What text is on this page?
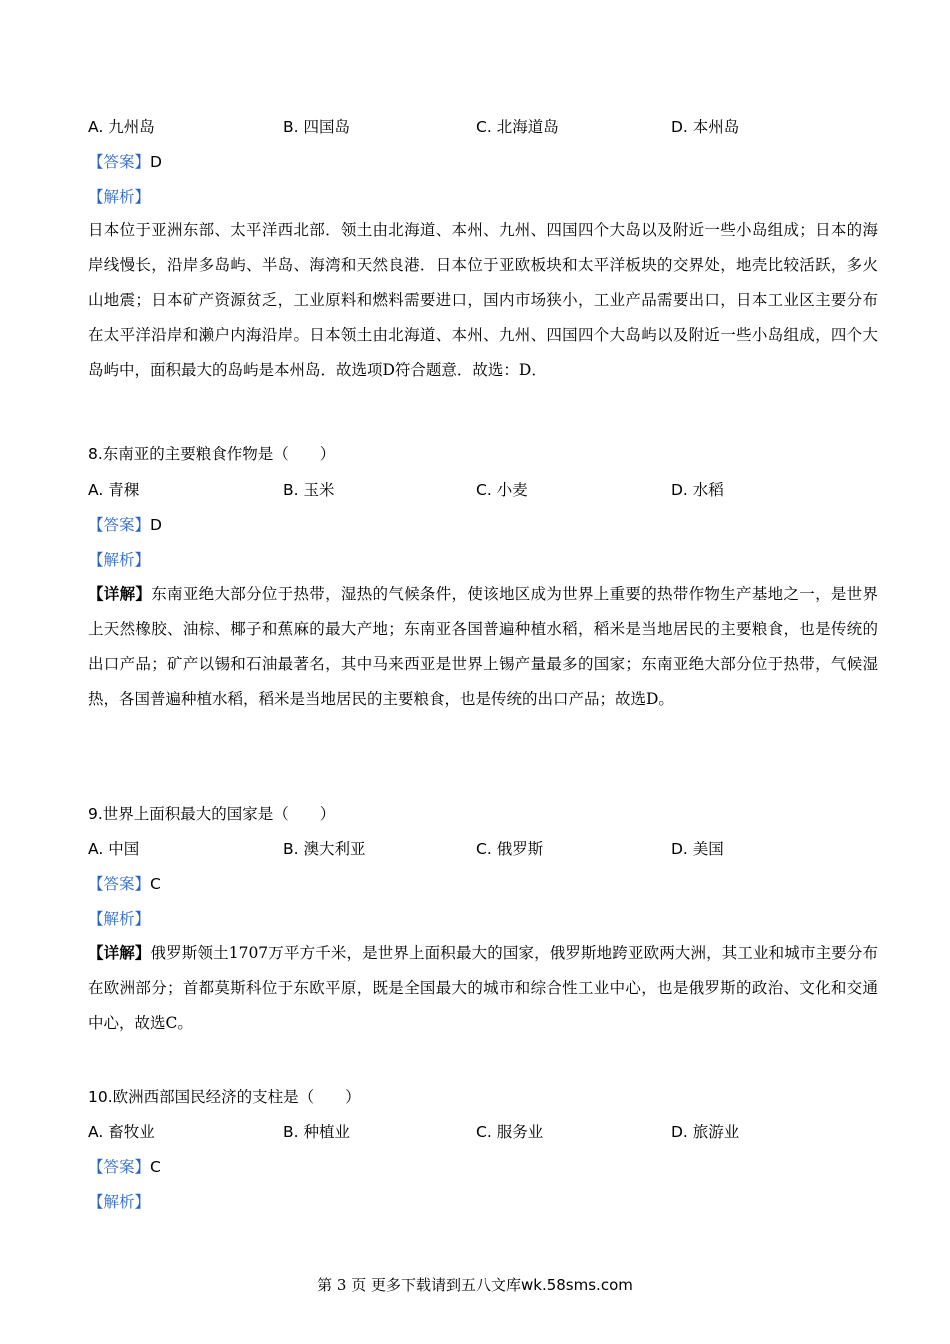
A. 九州岛	B. 四国岛	C. 北海道岛	D. 本州岛
【答案】D
【解析】
日本位于亚洲东部、太平洋西北部．领土由北海道、本州、九州、四国四个大岛以及附近一些小岛组成；日本的海岸线慢长，沿岸多岛屿、半岛、海湾和天然良港．日本位于亚欧板块和太平洋板块的交界处，地壳比较活跃，多火山地震；日本矿产资源贫乏，工业原料和燃料需要进口，国内市场狭小，工业产品需要出口，日本工业区主要分布在太平洋沿岸和濑户内海沿岸。日本领土由北海道、本州、九州、四国四个大岛屿以及附近一些小岛组成，四个大岛屿中，面积最大的岛屿是本州岛．故选项D符合题意．故选：D．
8.东南亚的主要粮食作物是（　　）
A. 青稞	B. 玉米	C. 小麦	D. 水稻
【答案】D
【解析】
【详解】东南亚绝大部分位于热带，湿热的气候条件，使该地区成为世界上重要的热带作物生产基地之一，是世界上天然橡胶、油棕、椰子和蕉麻的最大产地；东南亚各国普遍种植水稻，稻米是当地居民的主要粮食，也是传统的出口产品；矿产以锡和石油最著名，其中马来西亚是世界上锡产量最多的国家；东南亚绝大部分位于热带，气候湿热，各国普遍种植水稻，稻米是当地居民的主要粮食，也是传统的出口产品；故选D。
9.世界上面积最大的国家是（　　）
A. 中国	B. 澳大利亚	C. 俄罗斯	D. 美国
【答案】C
【解析】
【详解】俄罗斯领土1707万平方千米，是世界上面积最大的国家，俄罗斯地跨亚欧两大洲，其工业和城市主要分布在欧洲部分；首都莫斯科位于东欧平原，既是全国最大的城市和综合性工业中心，也是俄罗斯的政治、文化和交通中心，故选C。
10.欧洲西部国民经济的支柱是（　　）
A. 畜牧业	B. 种植业	C. 服务业	D. 旅游业
【答案】C
【解析】
第 3 页 更多下载请到五八文库wk.58sms.com
